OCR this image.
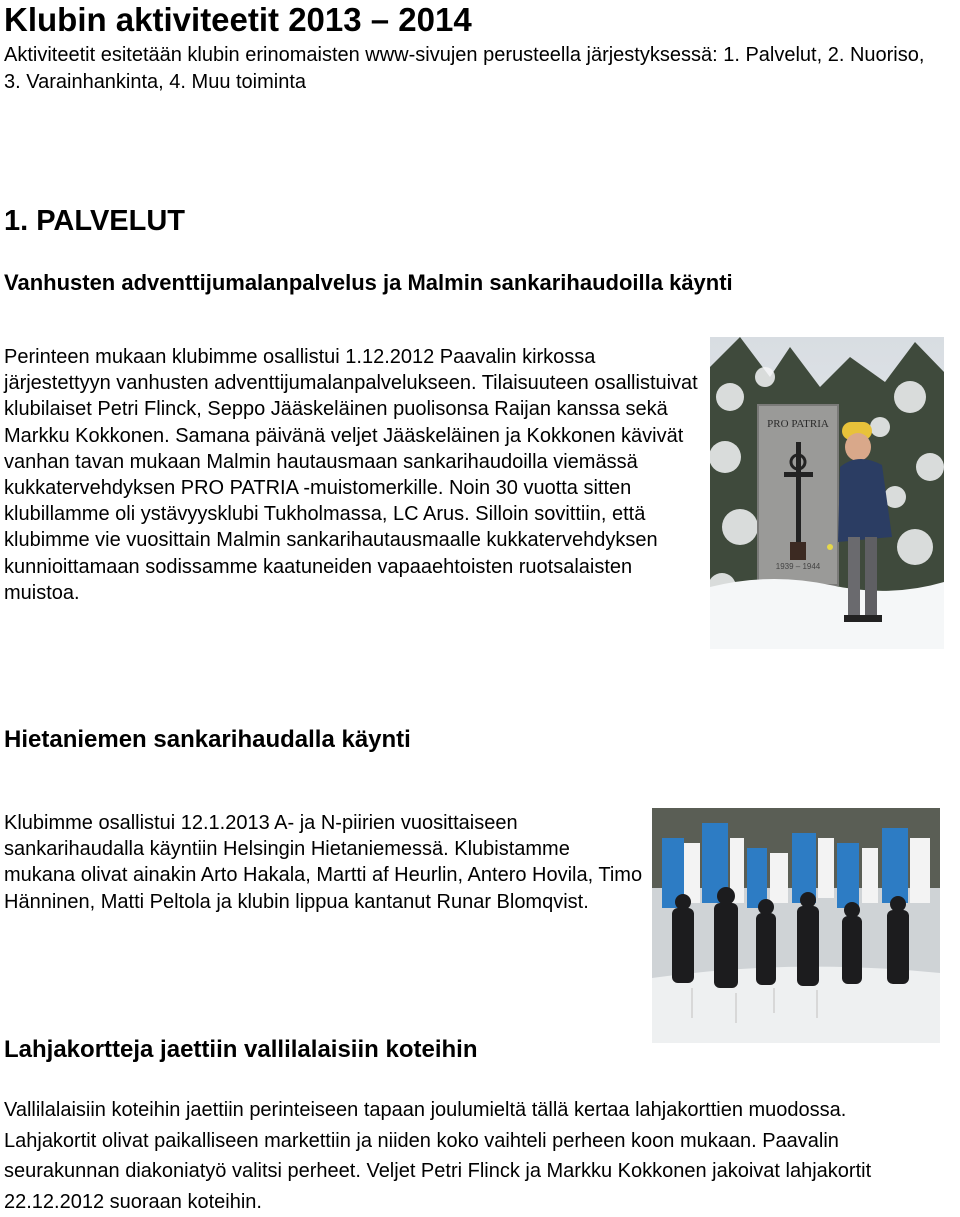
Klubin aktiviteetit 2013 – 2014

Aktiviteetit esitetään klubin erinomaisten www-sivujen perusteella järjestyksessä: 1. Palvelut, 2. Nuoriso, 3. Varainhankinta, 4. Muu toiminta

1. PALVELUT
Vanhusten adventtijumalanpalvelus ja Malmin sankarihaudoilla käynti

Perinteen mukaan klubimme osallistui 1.12.2012 Paavalin kirkossa järjestettyyn vanhusten adventtijumalanpalvelukseen. Tilaisuuteen osallistuivat klubilaiset Petri Flinck, Seppo Jääskeläinen puolisonsa Raijan kanssa sekä Markku Kokkonen. Samana päivänä veljet Jääskeläinen ja Kokkonen kävivät vanhan tavan mukaan Malmin hautausmaan sankarihaudoilla viemässä kukkatervehdyksen PRO PATRIA -muistomerkille. Noin 30 vuotta sitten klubillamme oli ystävyysklubi Tukholmassa, LC Arus. Silloin sovittiin, että klubimme vie vuosittain Malmin sankarihautausmaalle kukkatervehdyksen kunnioittamaan sodissamme kaatuneiden vapaaehtoisten ruotsalaisten muistoa.

PRO PATRIA
1939 – 1944
Hietaniemen sankarihaudalla käynti

Klubimme osallistui 12.1.2013 A- ja N-piirien vuosittaiseen sankarihaudalla käyntiin Helsingin Hietaniemessä. Klubistamme mukana olivat ainakin Arto Hakala, Martti af Heurlin, Antero Hovila, Timo Hänninen, Matti Peltola ja klubin lippua kantanut Runar Blomqvist.

Lahjakortteja jaettiin vallilalaisiin koteihin

Vallilalaisiin koteihin jaettiin perinteiseen tapaan joulumieltä tällä kertaa lahjakorttien muodossa. Lahjakortit olivat paikalliseen markettiin ja niiden koko vaihteli perheen koon mukaan. Paavalin seurakunnan diakoniatyö valitsi perheet. Veljet Petri Flinck ja Markku Kokkonen jakoivat lahjakortit 22.12.2012 suoraan koteihin.
